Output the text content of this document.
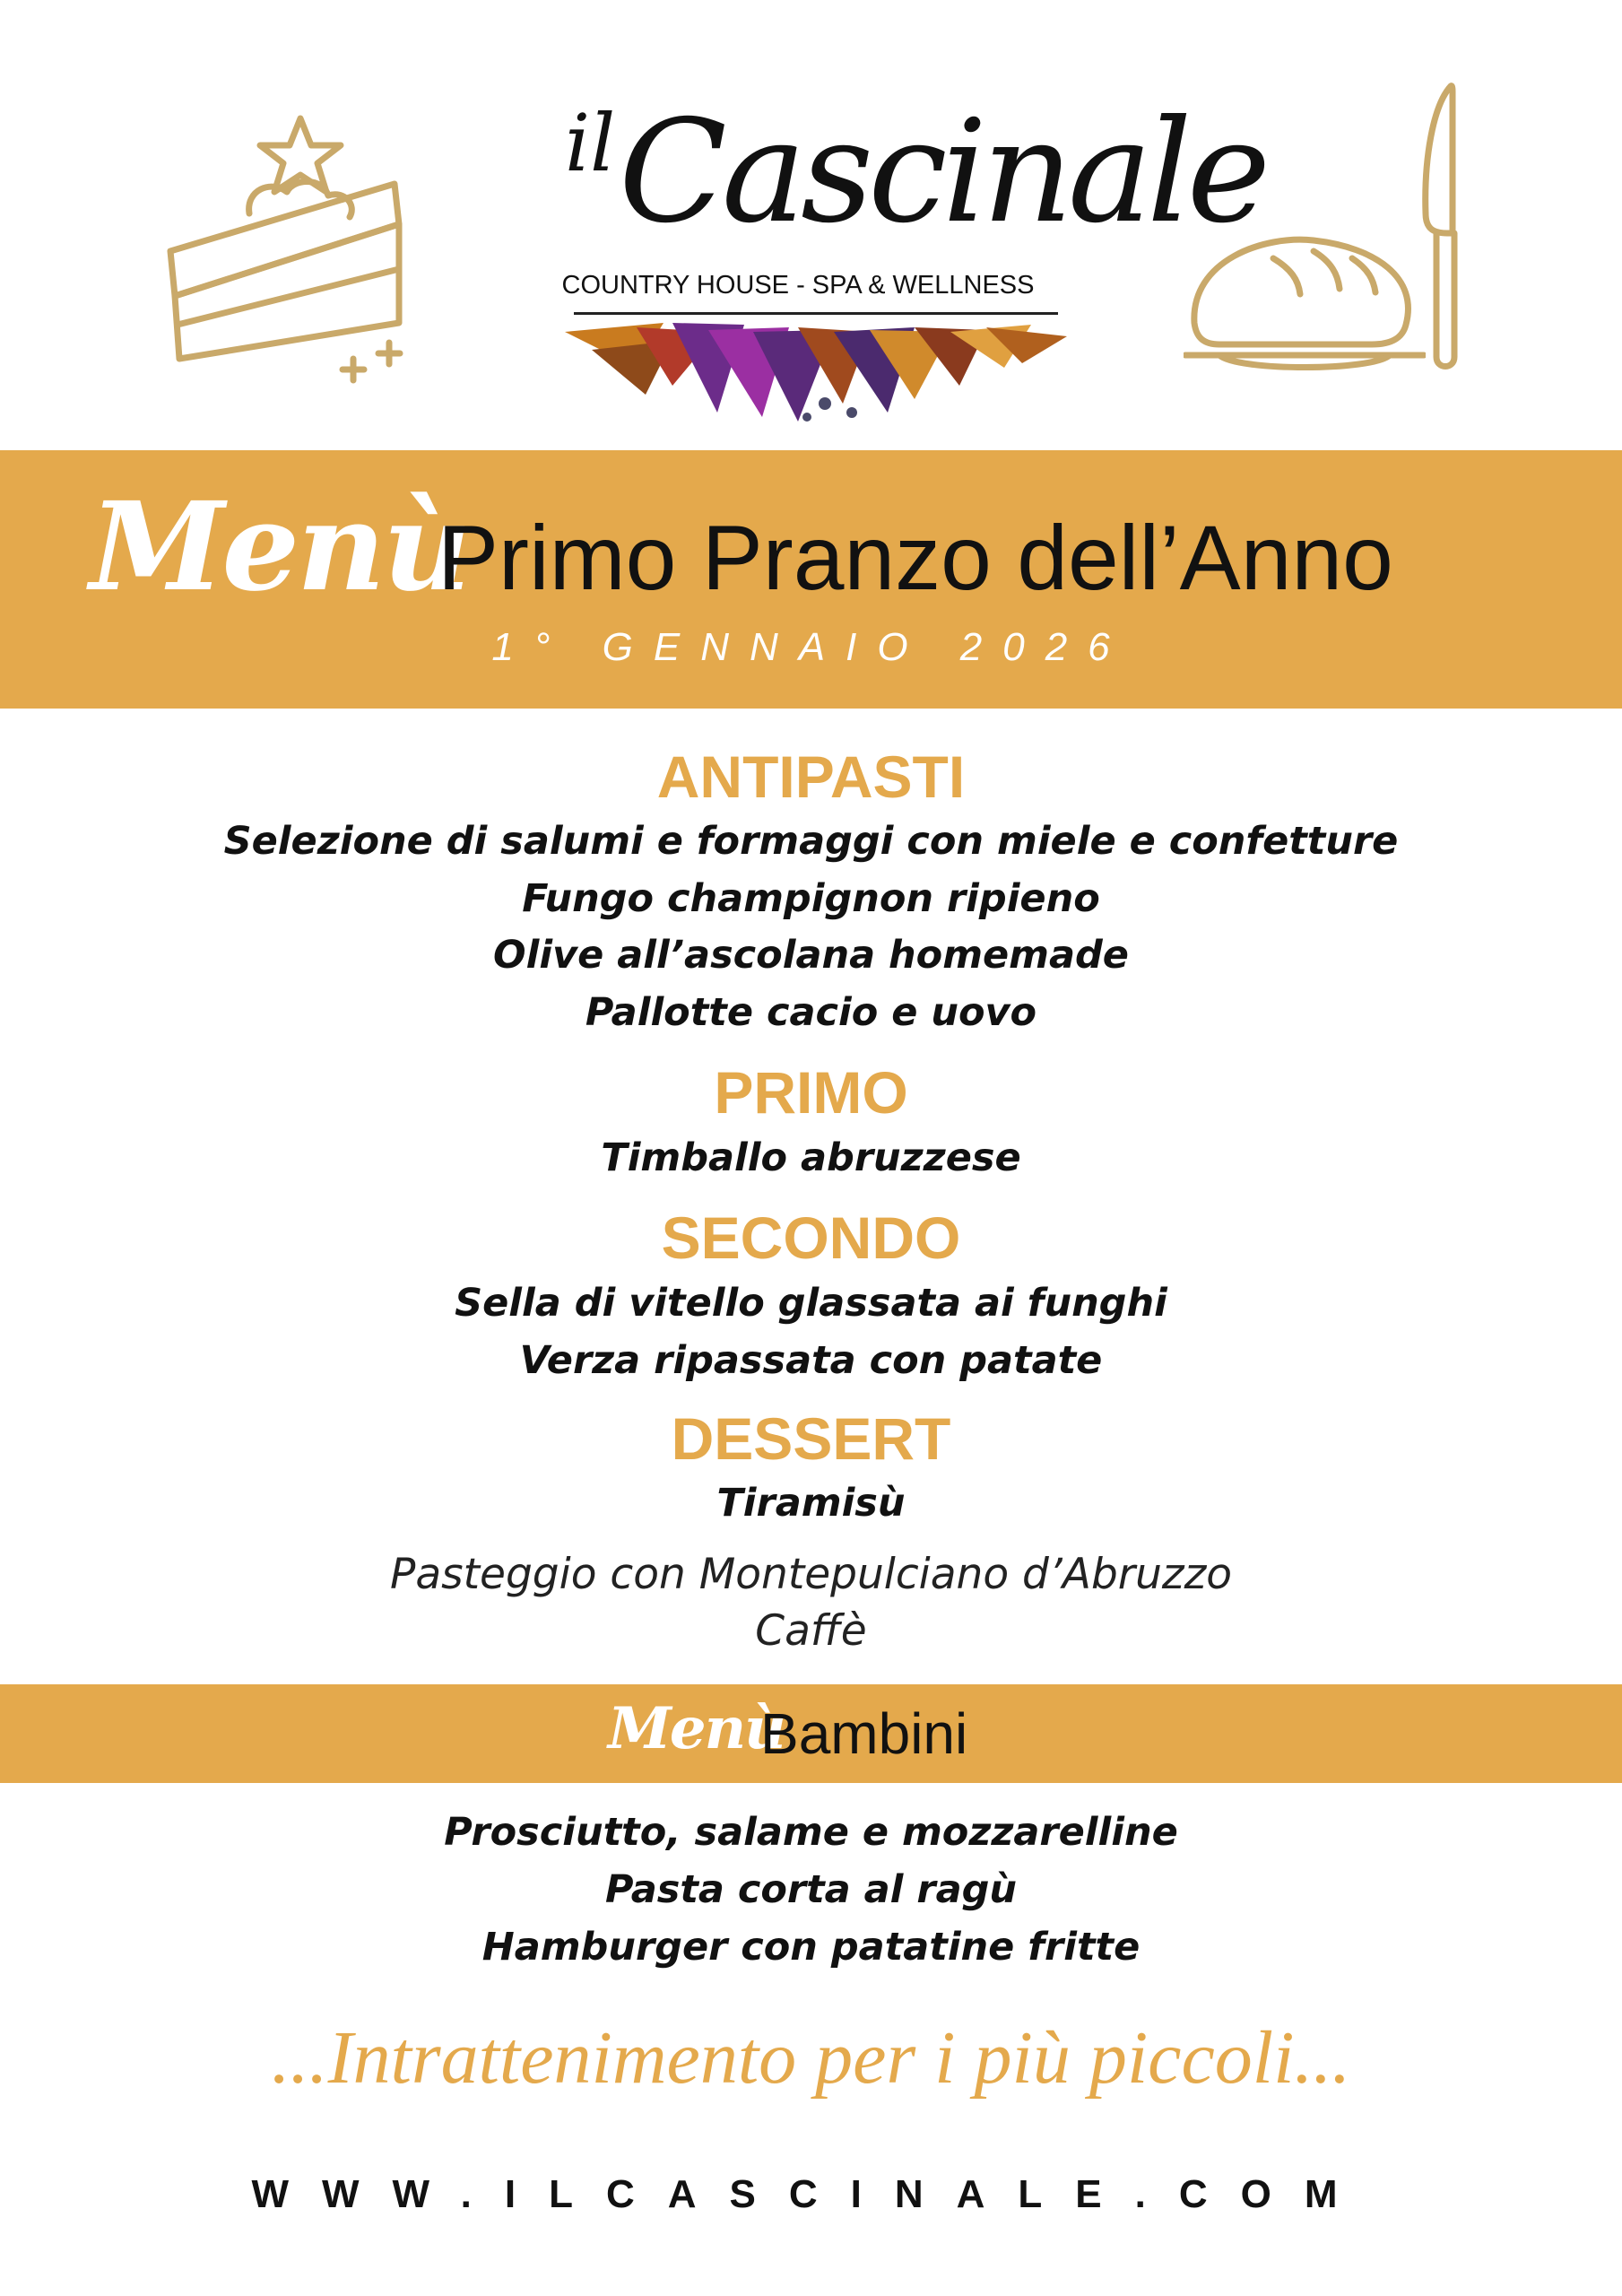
il Cascinale
COUNTRY HOUSE - SPA & WELLNESS
Menù
Primo Pranzo dell’Anno
1° GENNAIO 2026
ANTIPASTI
Selezione di salumi e formaggi con miele e confetture
Fungo champignon ripieno
Olive all’ascolana homemade
Pallotte cacio e uovo
PRIMO
Timballo abruzzese
SECONDO
Sella di vitello glassata ai funghi
Verza ripassata con patate
DESSERT
Tiramisù
Pasteggio con Montepulciano d’Abruzzo
Caffè
Menù
Bambini
Prosciutto, salame e mozzarelline
Pasta corta al ragù
Hamburger con patatine fritte
...Intrattenimento per i più piccoli...
WWW.ILCASCINALE.COM
